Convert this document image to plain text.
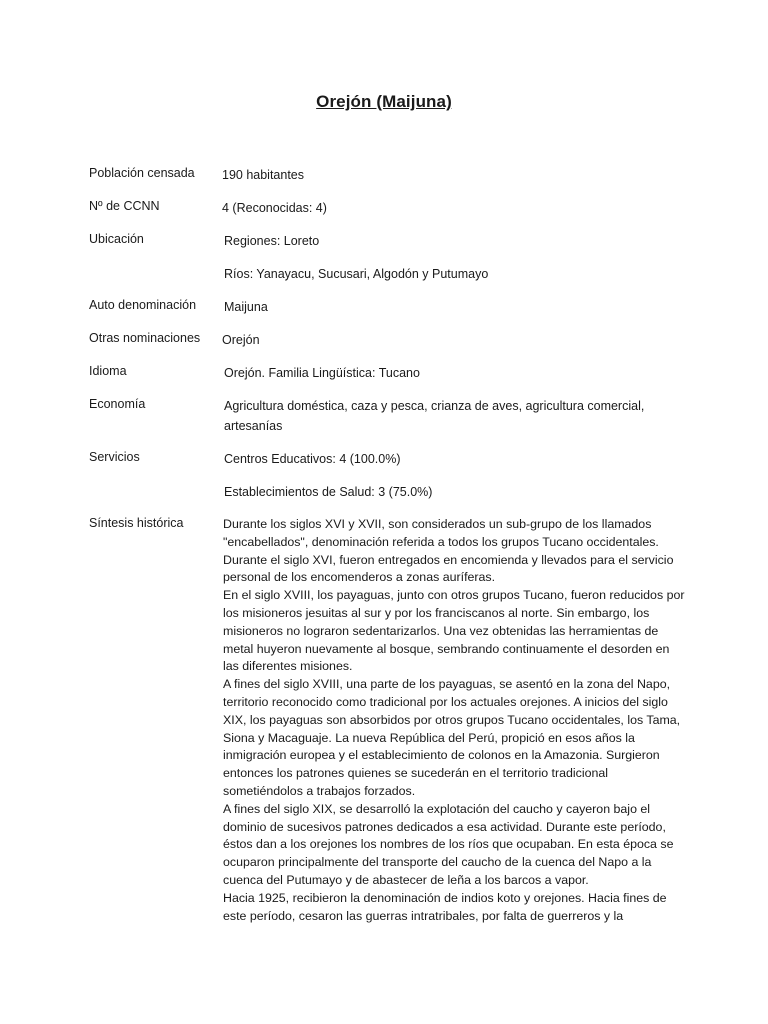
Orejón (Maijuna)
Población censada	190 habitantes
Nº de CCNN	4 (Reconocidas: 4)
Ubicación	Regiones: Loreto
Ríos: Yanayacu, Sucusari, Algodón y Putumayo
Auto denominación	Maijuna
Otras nominaciones	Orejón
Idioma	Orejón. Familia Lingüística: Tucano
Economía	Agricultura doméstica, caza y pesca, crianza de aves, agricultura comercial, artesanías
Servicios	Centros Educativos: 4 (100.0%)
Establecimientos de Salud: 3 (75.0%)
Síntesis histórica	Durante los siglos XVI y XVII, son considerados un sub-grupo de los llamados "encabellados", denominación referida a todos los grupos Tucano occidentales. Durante el siglo XVI, fueron entregados en encomienda y llevados para el servicio personal de los encomenderos a zonas auríferas.

En el siglo XVIII, los payaguas, junto con otros grupos Tucano, fueron reducidos por los misioneros jesuitas al sur y por los franciscanos al norte. Sin embargo, los misioneros no lograron sedentarizarlos. Una vez obtenidas las herramientas de metal huyeron nuevamente al bosque, sembrando continuamente el desorden en las diferentes misiones.

A fines del siglo XVIII, una parte de los payaguas, se asentó en la zona del Napo, territorio reconocido como tradicional por los actuales orejones. A inicios del siglo XIX, los payaguas son absorbidos por otros grupos Tucano occidentales, los Tama, Siona y Macaguaje. La nueva República del Perú, propició en esos años la inmigración europea y el establecimiento de colonos en la Amazonia. Surgieron entonces los patrones quienes se sucederán en el territorio tradicional sometiéndolos a trabajos forzados.

A fines del siglo XIX, se desarrolló la explotación del caucho y cayeron bajo el dominio de sucesivos patrones dedicados a esa actividad. Durante este período, éstos dan a los orejones los nombres de los ríos que ocupaban. En esta época se ocuparon principalmente del transporte del caucho de la cuenca del Napo a la cuenca del Putumayo y de abastecer de leña a los barcos a vapor.

Hacia 1925, recibieron la denominación de indios koto y orejones. Hacia fines de este período, cesaron las guerras intratribales, por falta de guerreros y la
